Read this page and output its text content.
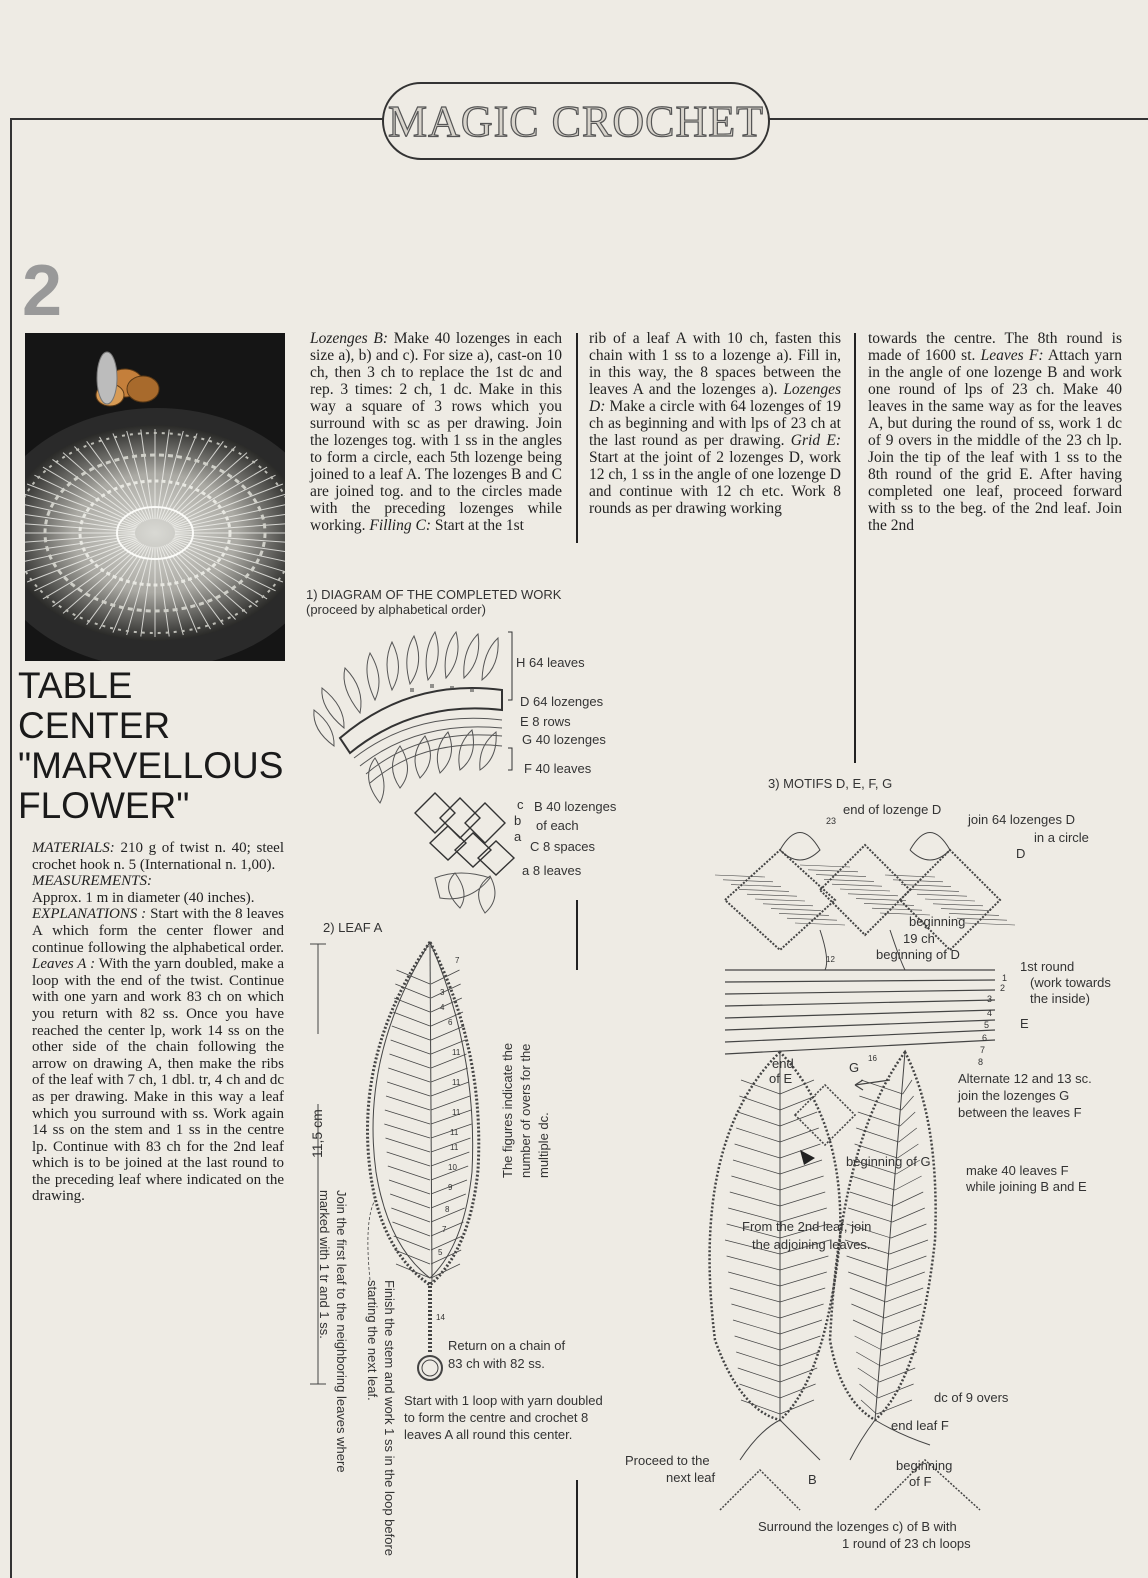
MAGIC CROCHET
2
TABLE
CENTER
"MARVELLOUS
FLOWER"
MATERIALS: 210 g of twist n. 40; steel crochet hook n. 5 (International n. 1,00).
MEASUREMENTS:
Approx. 1 m in diameter (40 inches).
EXPLANATIONS : Start with the 8 leaves A which form the center flower and continue following the alphabetical order. Leaves A : With the yarn doubled, make a loop with the end of the twist. Continue with one yarn and work 83 ch on which you return with 82 ss. Once you have reached the center lp, work 14 ss on the other side of the chain following the arrow on drawing A, then make the ribs of the leaf with 7 ch, 1 dbl. tr, 4 ch and dc as per drawing. Make in this way a leaf which you surround with ss. Work again 14 ss on the stem and 1 ss in the centre lp. Continue with 83 ch for the 2nd leaf which is to be joined at the last round to the preceding leaf where indicated on the drawing.
Lozenges B: Make 40 lozenges in each size a), b) and c). For size a), cast-on 10 ch, then 3 ch to replace the 1st dc and rep. 3 times: 2 ch, 1 dc. Make in this way a square of 3 rows which you surround with sc as per drawing. Join the lozenges tog. with 1 ss in the angles to form a circle, each 5th lozenge being joined to a leaf A. The lozenges B and C are joined tog. and to the circles made with the preceding lozenges while working. Filling C: Start at the 1st
rib of a leaf A with 10 ch, fasten this chain with 1 ss to a lozenge a). Fill in, in this way, the 8 spaces between the leaves A and the lozenges a). Lozenges D: Make a circle with 64 lozenges of 19 ch as beginning and with lps of 23 ch at the last round as per drawing. Grid E: Start at the joint of 2 lozenges D, work 12 ch, 1 ss in the angle of one lozenge D and continue with 12 ch etc. Work 8 rounds as per drawing working
towards the centre. The 8th round is made of 1600 st. Leaves F: Attach yarn in the angle of one lozenge B and work one round of lps of 23 ch. Make 40 leaves in the same way as for the leaves A, but during the round of ss, work 1 dc of 9 overs in the middle of the 23 ch lp. Join the tip of the leaf with 1 ss to the 8th round of the grid E. After having completed one leaf, proceed forward with ss to the beg. of the 2nd leaf. Join the 2nd
1) DIAGRAM OF THE COMPLETED WORK
(proceed by alphabetical order)
H 64 leaves
D 64 lozenges
E 8 rows
G 40 lozenges
F 40 leaves
c
b
a
B 40 lozenges
of each
C 8 spaces
a 8 leaves
2) LEAF A
7
3
6
4
11
11
11
11
11
10
9
8
7
5
14
11,5 cm	The figures indicate the number of overs for the multiple dc.
Join the first leaf to the neighboring leaves where marked with 1 tr and 1 ss.
Finish the stem and work 1 ss in the loop before starting the next leaf.	Return on a chain of
83 ch with 82 ss.
Start with 1 loop with yarn doubled
to form the centre and crochet 8
leaves A all round this center.
3) MOTIFS D, E, F, G
23
end of lozenge D
join 64 lozenges D
in a circle
D
beginning
19 ch
beginning of D
1st round
(work towards
the inside)
E
1
2
3
4
5
6
7
8
12
16
end
of E
G
Alternate 12 and 13 sc.
join the lozenges G
between the leaves F
beginning of G
make 40 leaves F
while joining B and E
From the 2nd leaf, join
the adjoining leaves.
dc of 9 overs
end leaf F
Proceed to the
next leaf	B
beginning
of F
Surround the lozenges c) of B with
1 round of 23 ch loops
